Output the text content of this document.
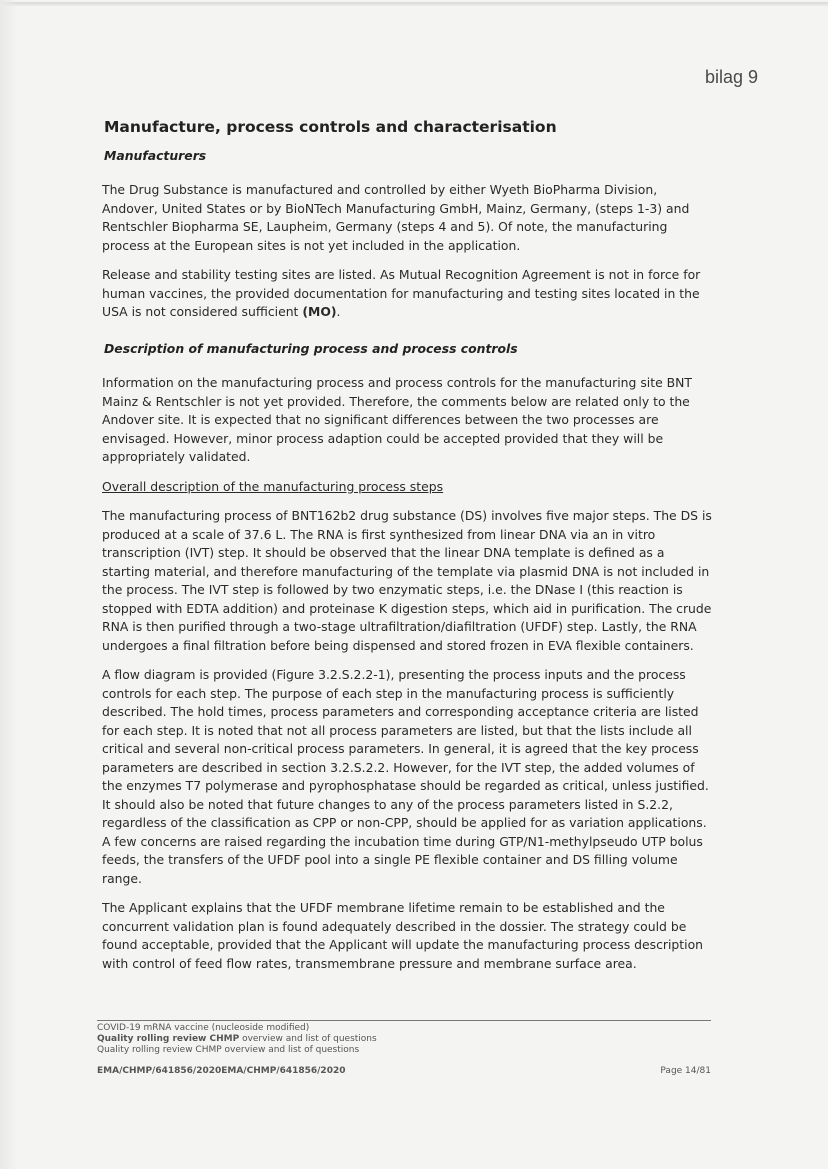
bilag 9
Manufacture, process controls and characterisation
Manufacturers

The Drug Substance is manufactured and controlled by either Wyeth BioPharma Division, Andover, United States or by BioNTech Manufacturing GmbH, Mainz, Germany, (steps 1-3) and Rentschler Biopharma SE, Laupheim, Germany (steps 4 and 5). Of note, the manufacturing process at the European sites is not yet included in the application.

Release and stability testing sites are listed. As Mutual Recognition Agreement is not in force for human vaccines, the provided documentation for manufacturing and testing sites located in the USA is not considered sufficient (MO).

Description of manufacturing process and process controls

Information on the manufacturing process and process controls for the manufacturing site BNT Mainz & Rentschler is not yet provided. Therefore, the comments below are related only to the Andover site. It is expected that no significant differences between the two processes are envisaged. However, minor process adaption could be accepted provided that they will be appropriately validated.

Overall description of the manufacturing process steps

The manufacturing process of BNT162b2 drug substance (DS) involves five major steps. The DS is produced at a scale of 37.6 L. The RNA is first synthesized from linear DNA via an in vitro transcription (IVT) step. It should be observed that the linear DNA template is defined as a starting material, and therefore manufacturing of the template via plasmid DNA is not included in the process. The IVT step is followed by two enzymatic steps, i.e. the DNase I (this reaction is stopped with EDTA addition) and proteinase K digestion steps, which aid in purification. The crude RNA is then purified through a two-stage ultrafiltration/diafiltration (UFDF) step. Lastly, the RNA undergoes a final filtration before being dispensed and stored frozen in EVA flexible containers.

A flow diagram is provided (Figure 3.2.S.2.2-1), presenting the process inputs and the process controls for each step. The purpose of each step in the manufacturing process is sufficiently described. The hold times, process parameters and corresponding acceptance criteria are listed for each step. It is noted that not all process parameters are listed, but that the lists include all critical and several non-critical process parameters. In general, it is agreed that the key process parameters are described in section 3.2.S.2.2. However, for the IVT step, the added volumes of the enzymes T7 polymerase and pyrophosphatase should be regarded as critical, unless justified. It should also be noted that future changes to any of the process parameters listed in S.2.2, regardless of the classification as CPP or non-CPP, should be applied for as variation applications. A few concerns are raised regarding the incubation time during GTP/N1-methylpseudo UTP bolus feeds, the transfers of the UFDF pool into a single PE flexible container and DS filling volume range.

The Applicant explains that the UFDF membrane lifetime remain to be established and the concurrent validation plan is found adequately described in the dossier. The strategy could be found acceptable, provided that the Applicant will update the manufacturing process description with control of feed flow rates, transmembrane pressure and membrane surface area.

COVID-19 mRNA vaccine (nucleoside modified)
Quality rolling review CHMP overview and list of questions
Quality rolling review CHMP overview and list of questions
EMA/CHMP/641856/2020EMA/CHMP/641856/2020	Page 14/81
